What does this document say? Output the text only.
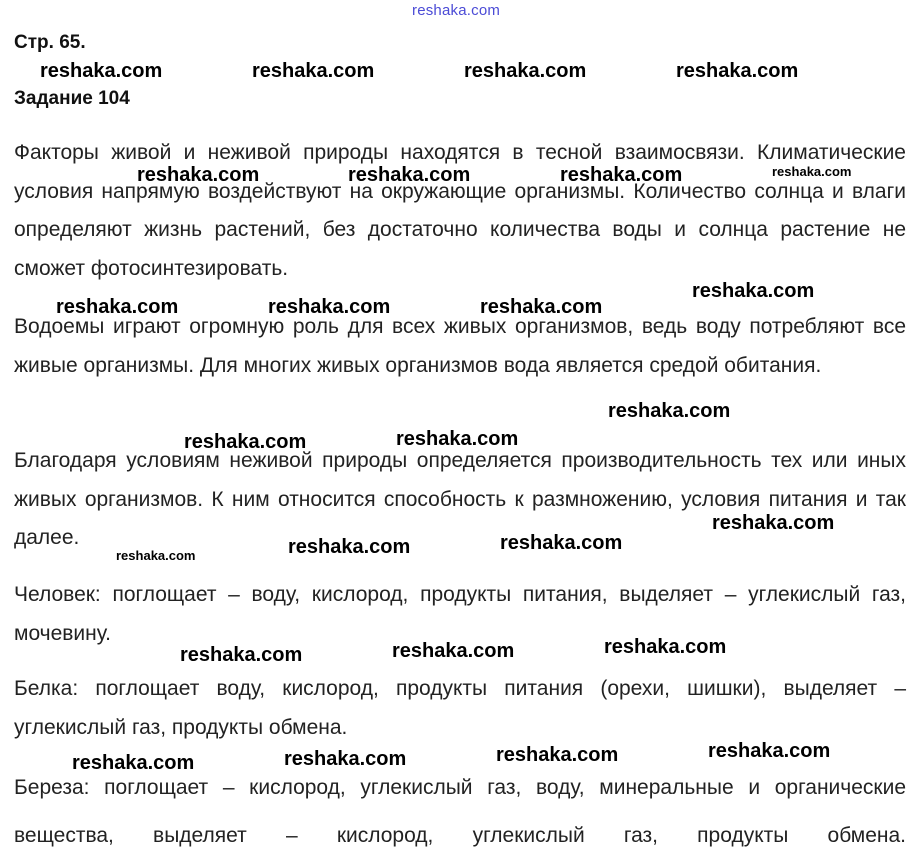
reshaka.com
Стр. 65.
Задание 104
Факторы живой и неживой природы находятся в тесной взаимосвязи. Климатические условия напрямую воздействуют на окружающие организмы. Количество солнца и влаги определяют жизнь растений, без достаточно количества воды и солнца растение не сможет фотосинтезировать.
Водоемы играют огромную роль для всех живых организмов, ведь воду потребляют все живые организмы. Для многих живых организмов вода является средой обитания.
Благодаря условиям неживой природы определяется производительность тех или иных живых организмов. К ним относится способность к размножению, условия питания и так далее.
Человек: поглощает – воду, кислород, продукты питания, выделяет – углекислый газ, мочевину.
Белка: поглощает воду, кислород, продукты питания (орехи, шишки), выделяет – углекислый газ, продукты обмена.
Береза: поглощает – кислород, углекислый газ, воду, минеральные и органические вещества, выделяет – кислород, углекислый газ, продукты обмена.
reshaka.com	reshaka.com	reshaka.com	reshaka.com
reshaka.com	reshaka.com	reshaka.com	reshaka.com
reshaka.com	reshaka.com	reshaka.com
reshaka.com
reshaka.com
reshaka.com	reshaka.com
reshaka.com
reshaka.com	reshaka.com	reshaka.com
reshaka.com	reshaka.com	reshaka.com
reshaka.com	reshaka.com	reshaka.com	reshaka.com
